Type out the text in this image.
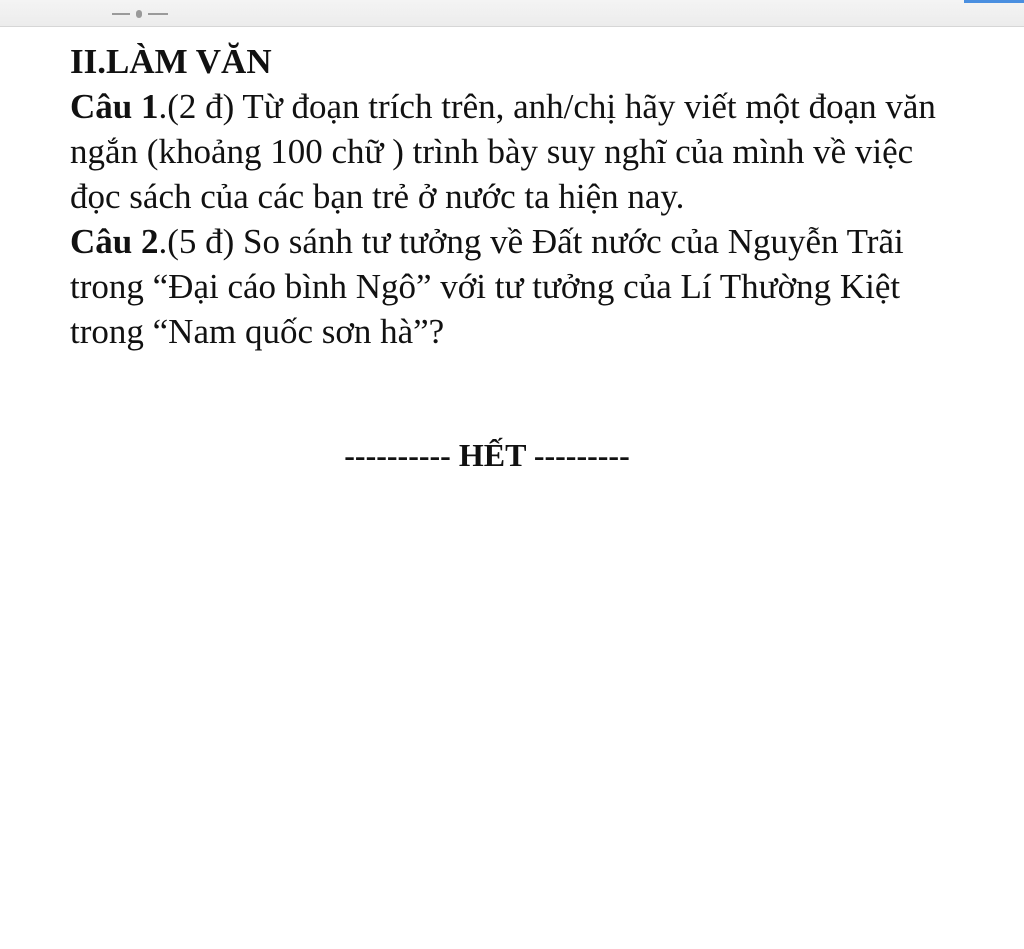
II.LÀM VĂN

Câu 1.(2 đ) Từ đoạn trích trên, anh/chị hãy viết một đoạn văn ngắn (khoảng 100 chữ ) trình bày suy nghĩ của mình về việc đọc sách của các bạn trẻ ở nước ta hiện nay.

Câu 2.(5 đ) So sánh tư tưởng về Đất nước của Nguyễn Trãi trong “Đại cáo bình Ngô” với tư tưởng của Lí Thường Kiệt trong “Nam quốc sơn hà”?

---------- HẾT ---------
